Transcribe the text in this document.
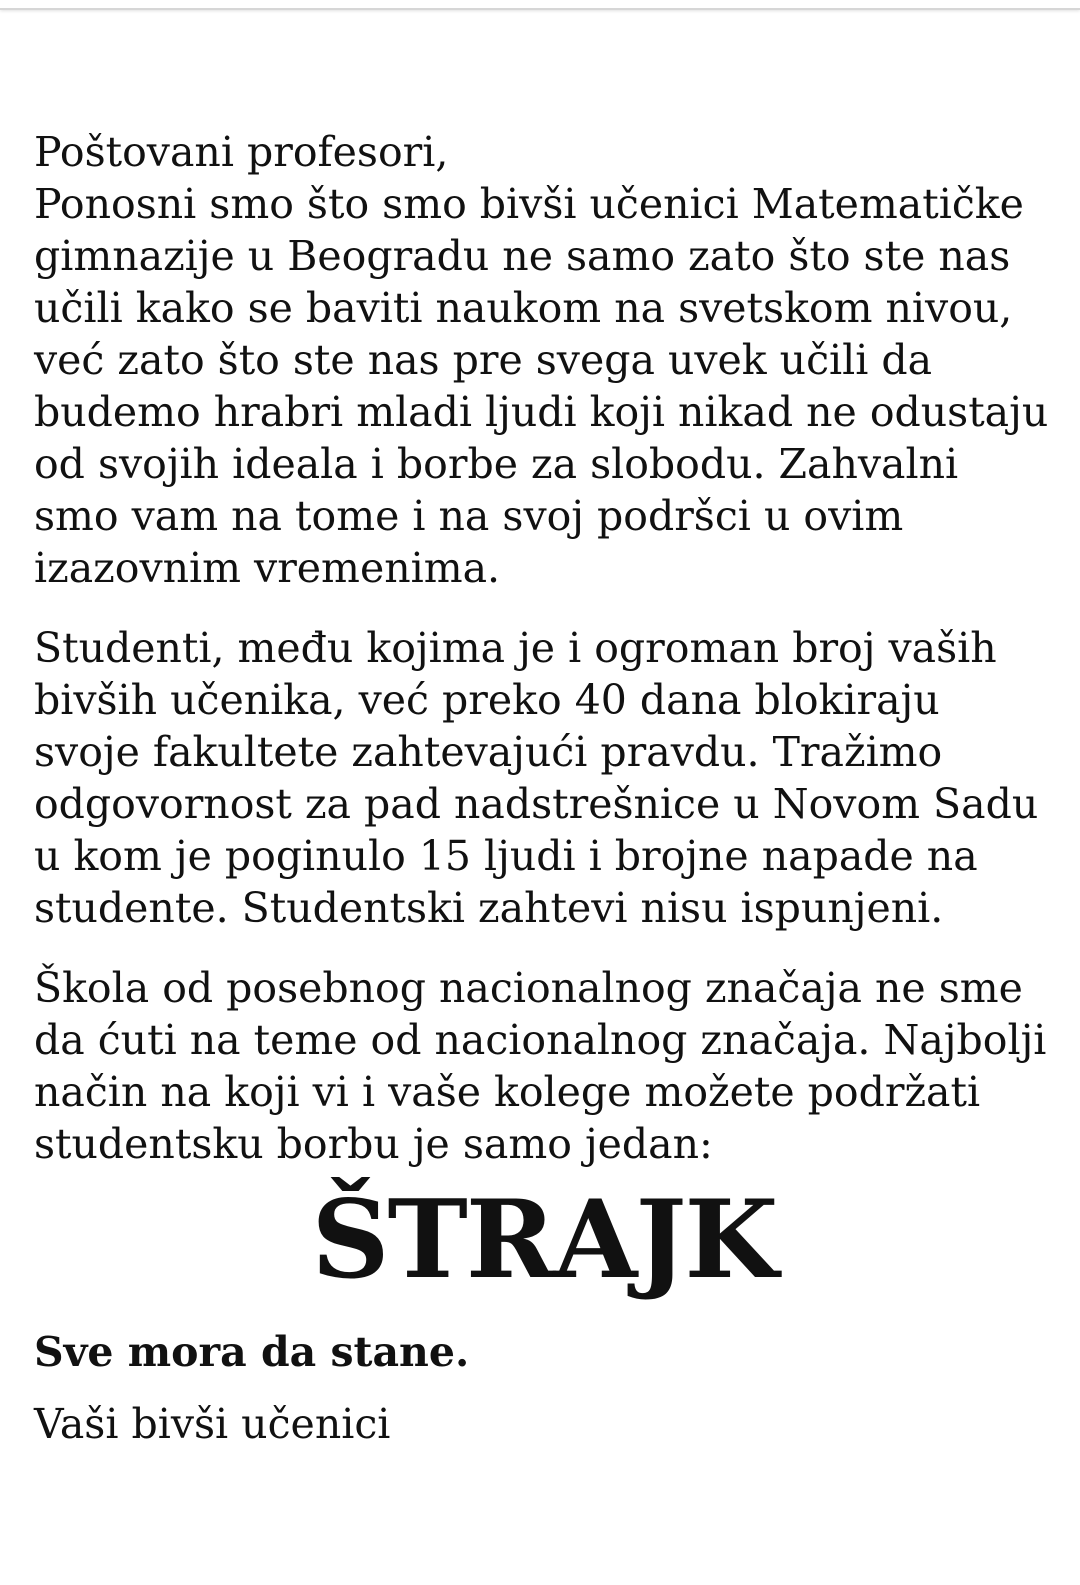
Poštovani profesori,

Ponosni smo što smo bivši učenici Matematičke gimnazije u Beogradu ne samo zato što ste nas učili kako se baviti naukom na svetskom nivou, već zato što ste nas pre svega uvek učili da budemo hrabri mladi ljudi koji nikad ne odustaju od svojih ideala i borbe za slobodu. Zahvalni smo vam na tome i na svoj podršci u ovim izazovnim vremenima.

Studenti, među kojima je i ogroman broj vaših bivših učenika, već preko 40 dana blokiraju svoje fakultete zahtevajući pravdu. Tražimo odgovornost za pad nadstrešnice u Novom Sadu u kom je poginulo 15 ljudi i brojne napade na studente. Studentski zahtevi nisu ispunjeni.

Škola od posebnog nacionalnog značaja ne sme da ćuti na teme od nacionalnog značaja. Najbolji način na koji vi i vaše kolege možete podržati studentsku borbu je samo jedan:

ŠTRAJK

Sve mora da stane.

Vaši bivši učenici
